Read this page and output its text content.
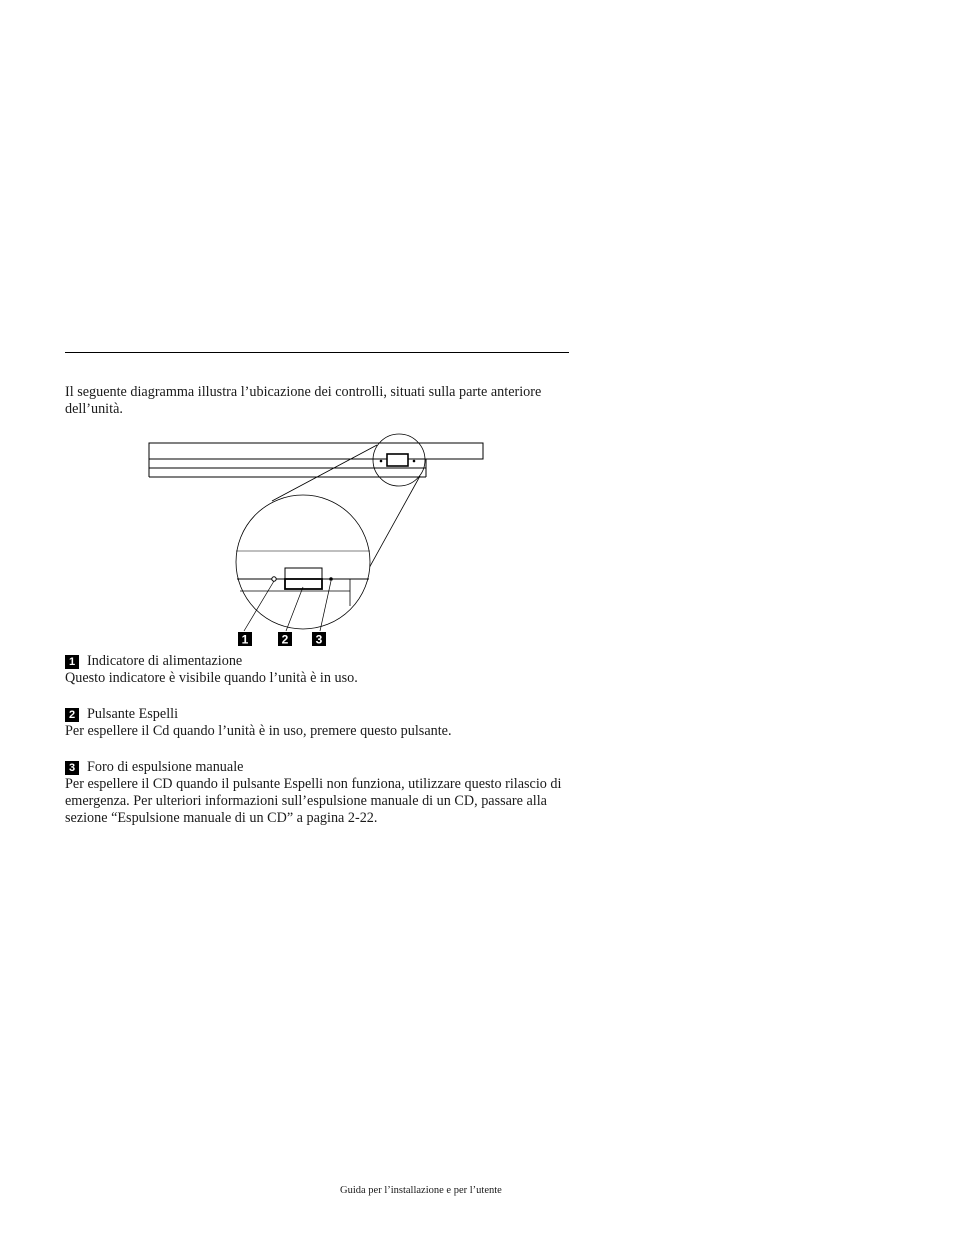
Il seguente diagramma illustra l’ubicazione dei controlli, situati sulla parte anteriore dell’unità.

1	2 3
1 Indicatore di alimentazione

Questo indicatore è visibile quando l’unità è in uso.

2 Pulsante Espelli

Per espellere il Cd quando l’unità è in uso, premere questo pulsante.

3 Foro di espulsione manuale

Per espellere il CD quando il pulsante Espelli non funziona, utilizzare questo rilascio di emergenza. Per ulteriori informazioni sull’espulsione manuale di un CD, passare alla sezione “Espulsione manuale di un CD” a pagina 2-22.

Guida per l’installazione e per l’utente
